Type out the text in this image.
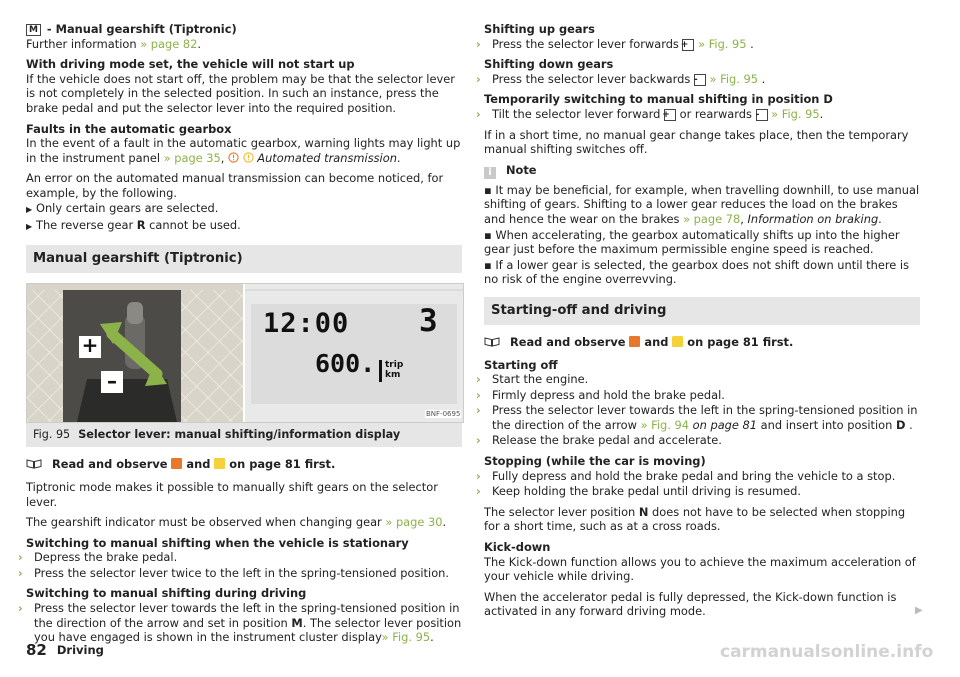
M - Manual gearshift (Tiptronic)
Further information » page 82.

With driving mode set, the vehicle will not start up
If the vehicle does not start off, the problem may be that the selector lever is not completely in the selected position. In such an instance, press the brake pedal and put the selector lever into the required position.

Faults in the automatic gearbox
In the event of a fault in the automatic gearbox, warning lights may light up in the instrument panel » page 35,	Automated transmission.

An error on the automated manual transmission can become noticed, for example, by the following.

▶ Only certain gears are selected.
▶ The reverse gear R cannot be used.
Manual gearshift (Tiptronic)
+
–
12:00 3
600. trip
km
BNF-0695
Fig. 95 Selector lever: manual shifting/information display
Read and observe  and  on page 81 first.

Tiptronic mode makes it possible to manually shift gears on the selector lever.

The gearshift indicator must be observed when changing gear » page 30.

Switching to manual shifting when the vehicle is stationary
› Depress the brake pedal.
› Press the selector lever twice to the left in the spring-tensioned position.
Switching to manual shifting during driving
› Press the selector lever towards the left in the spring-tensioned position in the direction of the arrow and set in position M. The selector lever position you have engaged is shown in the instrument cluster display» Fig. 95.
Shifting up gears
› Press the selector lever forwards + » Fig. 95 .
Shifting down gears
› Press the selector lever backwards - » Fig. 95 .
Temporarily switching to manual shifting in position D
› Tilt the selector lever forward + or rearwards - » Fig. 95.

If in a short time, no manual gear change takes place, then the temporary manual shifting switches off.

i Note
▪ It may be beneficial, for example, when travelling downhill, to use manual shifting of gears. Shifting to a lower gear reduces the load on the brakes and hence the wear on the brakes » page 78, Information on braking.
▪ When accelerating, the gearbox automatically shifts up into the higher gear just before the maximum permissible engine speed is reached.
▪ If a lower gear is selected, the gearbox does not shift down until there is no risk of the engine overrevving.
Starting-off and driving
Read and observe  and  on page 81 first.
Starting off
› Start the engine.
› Firmly depress and hold the brake pedal.
› Press the selector lever towards the left in the spring-tensioned position in the direction of the arrow » Fig. 94 on page 81 and insert into position D .
› Release the brake pedal and accelerate.
Stopping (while the car is moving)
› Fully depress and hold the brake pedal and bring the vehicle to a stop.
› Keep holding the brake pedal until driving is resumed.

The selector lever position N does not have to be selected when stopping for a short time, such as at a cross roads.

Kick-down
The Kick-down function allows you to achieve the maximum acceleration of your vehicle while driving.

When the accelerator pedal is fully depressed, the Kick-down function is activated in any forward driving mode.	▶
82 Driving	carmanualsonline.info
